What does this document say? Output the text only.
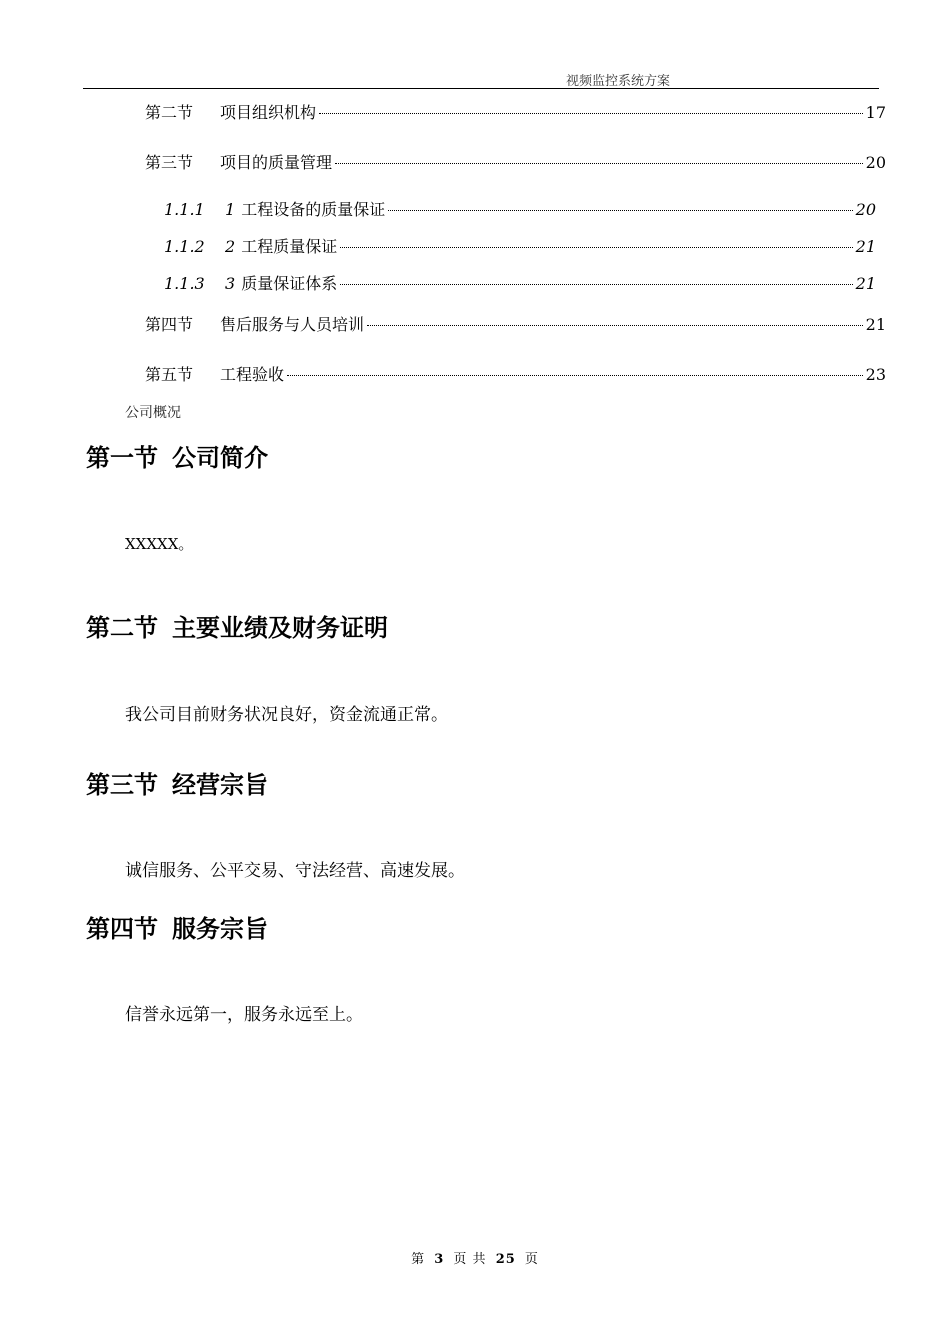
视频监控系统方案
第二节	项目组织机构	17
第三节	项目的质量管理	20
1.1.1	1 工程设备的质量保证	20
1.1.2	2 工程质量保证	21
1.1.3	3 质量保证体系	21
第四节	售后服务与人员培训	21
第五节	工程验收	23
公司概况
第一节 公司简介
XXXXX。
第二节 主要业绩及财务证明
我公司目前财务状况良好，资金流通正常。
第三节 经营宗旨
诚信服务、公平交易、守法经营、高速发展。
第四节 服务宗旨
信誉永远第一，服务永远至上。
第 3 页 共 25 页
